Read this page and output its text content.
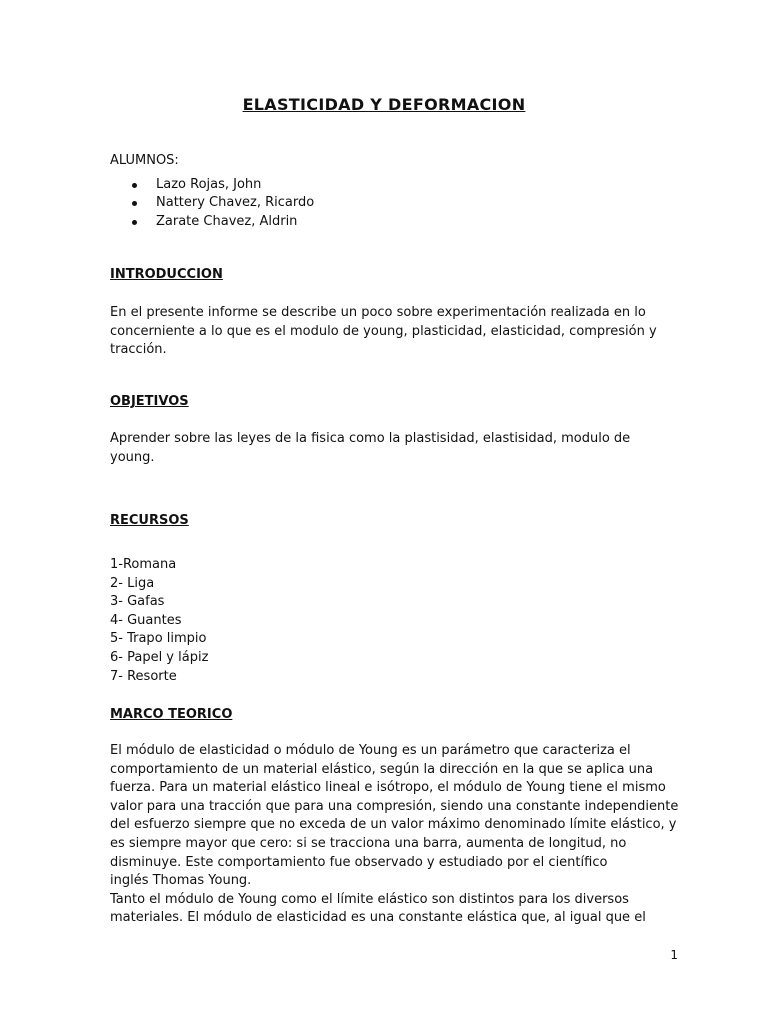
ELASTICIDAD Y DEFORMACION
ALUMNOS:
Lazo Rojas, John
Nattery Chavez, Ricardo
Zarate Chavez, Aldrin
INTRODUCCION
En el presente informe se describe un poco sobre experimentación realizada en lo
concerniente a lo que es el modulo de young, plasticidad, elasticidad, compresión y
tracción.
OBJETIVOS
Aprender sobre las leyes de la fisica como la plastisidad, elastisidad, modulo de
young.
RECURSOS
1-Romana
2- Liga
3- Gafas
4- Guantes
5- Trapo limpio
6- Papel y lápiz
7- Resorte
MARCO TEORICO
El módulo de elasticidad o módulo de Young es un parámetro que caracteriza el
comportamiento de un material elástico, según la dirección en la que se aplica una
fuerza. Para un material elástico lineal e isótropo, el módulo de Young tiene el mismo
valor para una tracción que para una compresión, siendo una constante independiente
del esfuerzo siempre que no exceda de un valor máximo denominado límite elástico, y
es siempre mayor que cero: si se tracciona una barra, aumenta de longitud, no
disminuye. Este comportamiento fue observado y estudiado por el científico
inglés Thomas Young.
Tanto el módulo de Young como el límite elástico son distintos para los diversos
materiales. El módulo de elasticidad es una constante elástica que, al igual que el
1
